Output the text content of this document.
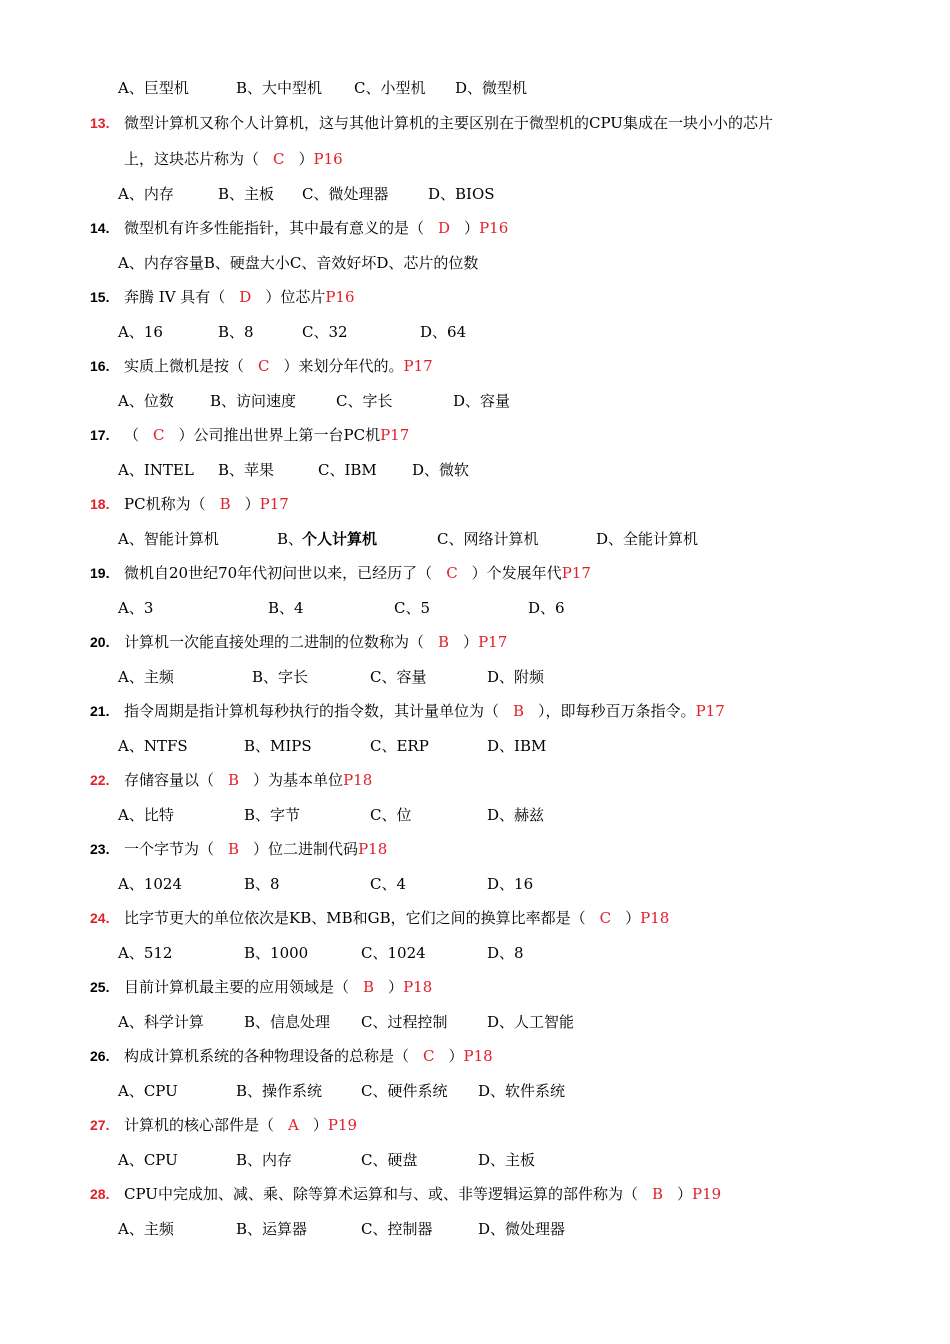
A、巨型机	B、大中型机 C、小型机 D、微型机
13. 微型计算机又称个人计算机，这与其他计算机的主要区别在于微型机的CPU集成在一块小小的芯片
上，这块芯片称为（ C ）P16
A、内存	B、主板 C、微处理器	D、BIOS
14. 微型机有许多性能指针，其中最有意义的是（ D ）P16
A、内存容量B、硬盘大小C、音效好坏D、芯片的位数
15. 奔腾 IV 具有（ D ）位芯片P16
A、16	B、8	C、32	D、64
16. 实质上微机是按（ C ）来划分年代的。P17
A、位数 B、访问速度	C、字长	D、容量
17. （ C ）公司推出世界上第一台PC机P17
A、INTEL B、苹果	C、IBM D、微软
18. PC机称为（ B ）P17
A、智能计算机	B、
个人计算机	C、网络计算机	D、全能计算机
19. 微机自20世纪70年代初问世以来，已经历了（ C ）个发展年代P17
A、3	B、4	C、5	D、6
20. 计算机一次能直接处理的二进制的位数称为（ B ）P17
A、主频	B、字长	C、容量	D、附频
21. 指令周期是指计算机每秒执行的指令数，其计量单位为（ B ），即每秒百万条指令。P17
A、NTFS	B、MIPS	C、ERP	D、IBM
22. 存储容量以（ B ）为基本单位P18
A、比特	B、字节	C、位	D、赫兹
23. 一个字节为（ B ）位二进制代码P18
A、1024	B、8	C、4	D、16
24. 比字节更大的单位依次是KB、MB和GB，它们之间的换算比率都是（ C ）P18
A、512	B、1000	C、1024	D、8
25. 目前计算机最主要的应用领域是（ B ）P18
A、科学计算	B、信息处理 C、过程控制	D、人工智能
26. 构成计算机系统的各种物理设备的总称是（ C ）P18
A、CPU	B、操作系统	C、硬件系统 D、软件系统
27. 计算机的核心部件是（ A ）P19
A、CPU	B、内存	C、硬盘	D、主板
28. CPU中完成加、减、乘、除等算术运算和与、或、非等逻辑运算的部件称为（ B ）P19
A、主频	B、运算器	C、控制器	D、微处理器
